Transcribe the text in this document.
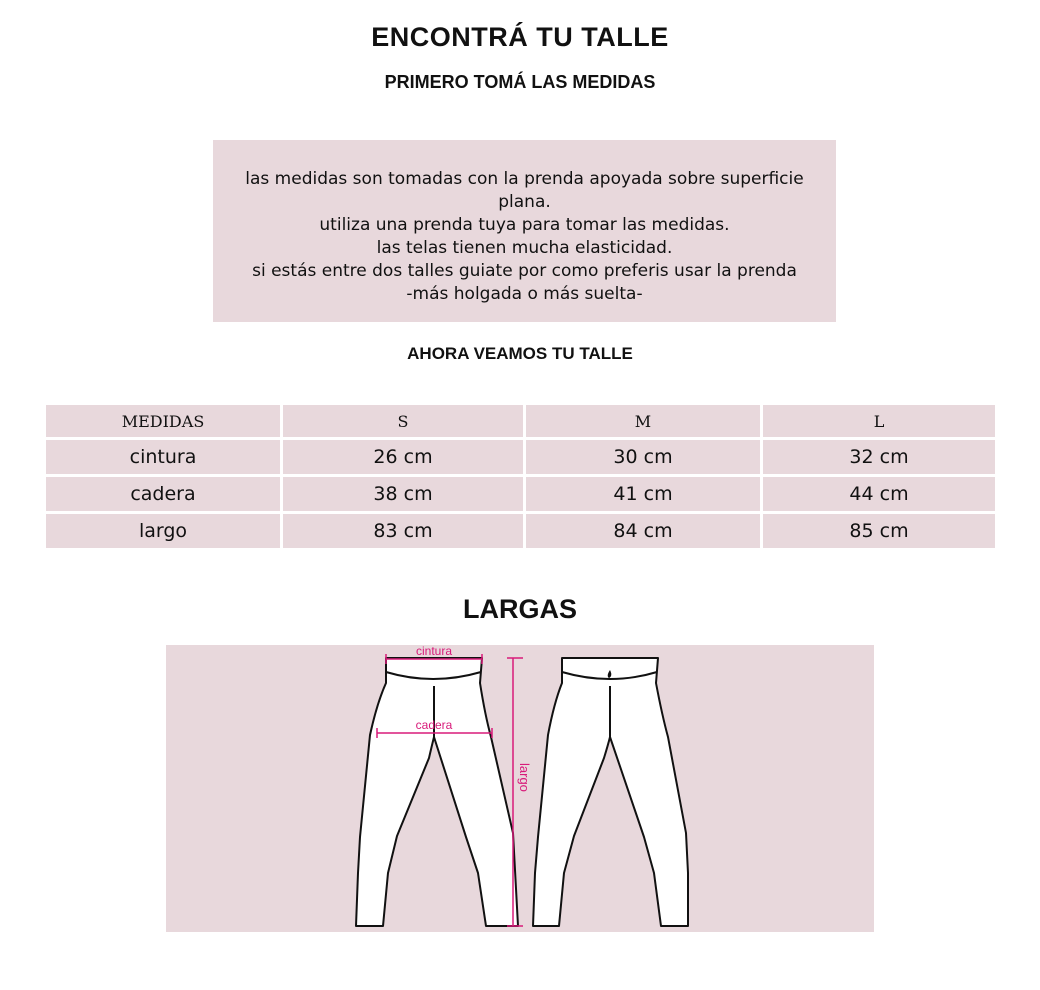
ENCONTRÁ TU TALLE
PRIMERO TOMÁ LAS MEDIDAS
las medidas son tomadas con la prenda apoyada sobre superficie
plana.
utiliza una prenda tuya para tomar las medidas.
las telas tienen mucha elasticidad.
si estás entre dos talles guiate por como preferis usar la prenda
-más holgada o más suelta-
AHORA VEAMOS TU TALLE
MEDIDAS	S	M	L
cintura	26 cm	30 cm	32 cm
cadera	38 cm	41 cm	44 cm
largo	83 cm	84 cm	85 cm
LARGAS
cintura
cadera
largo
